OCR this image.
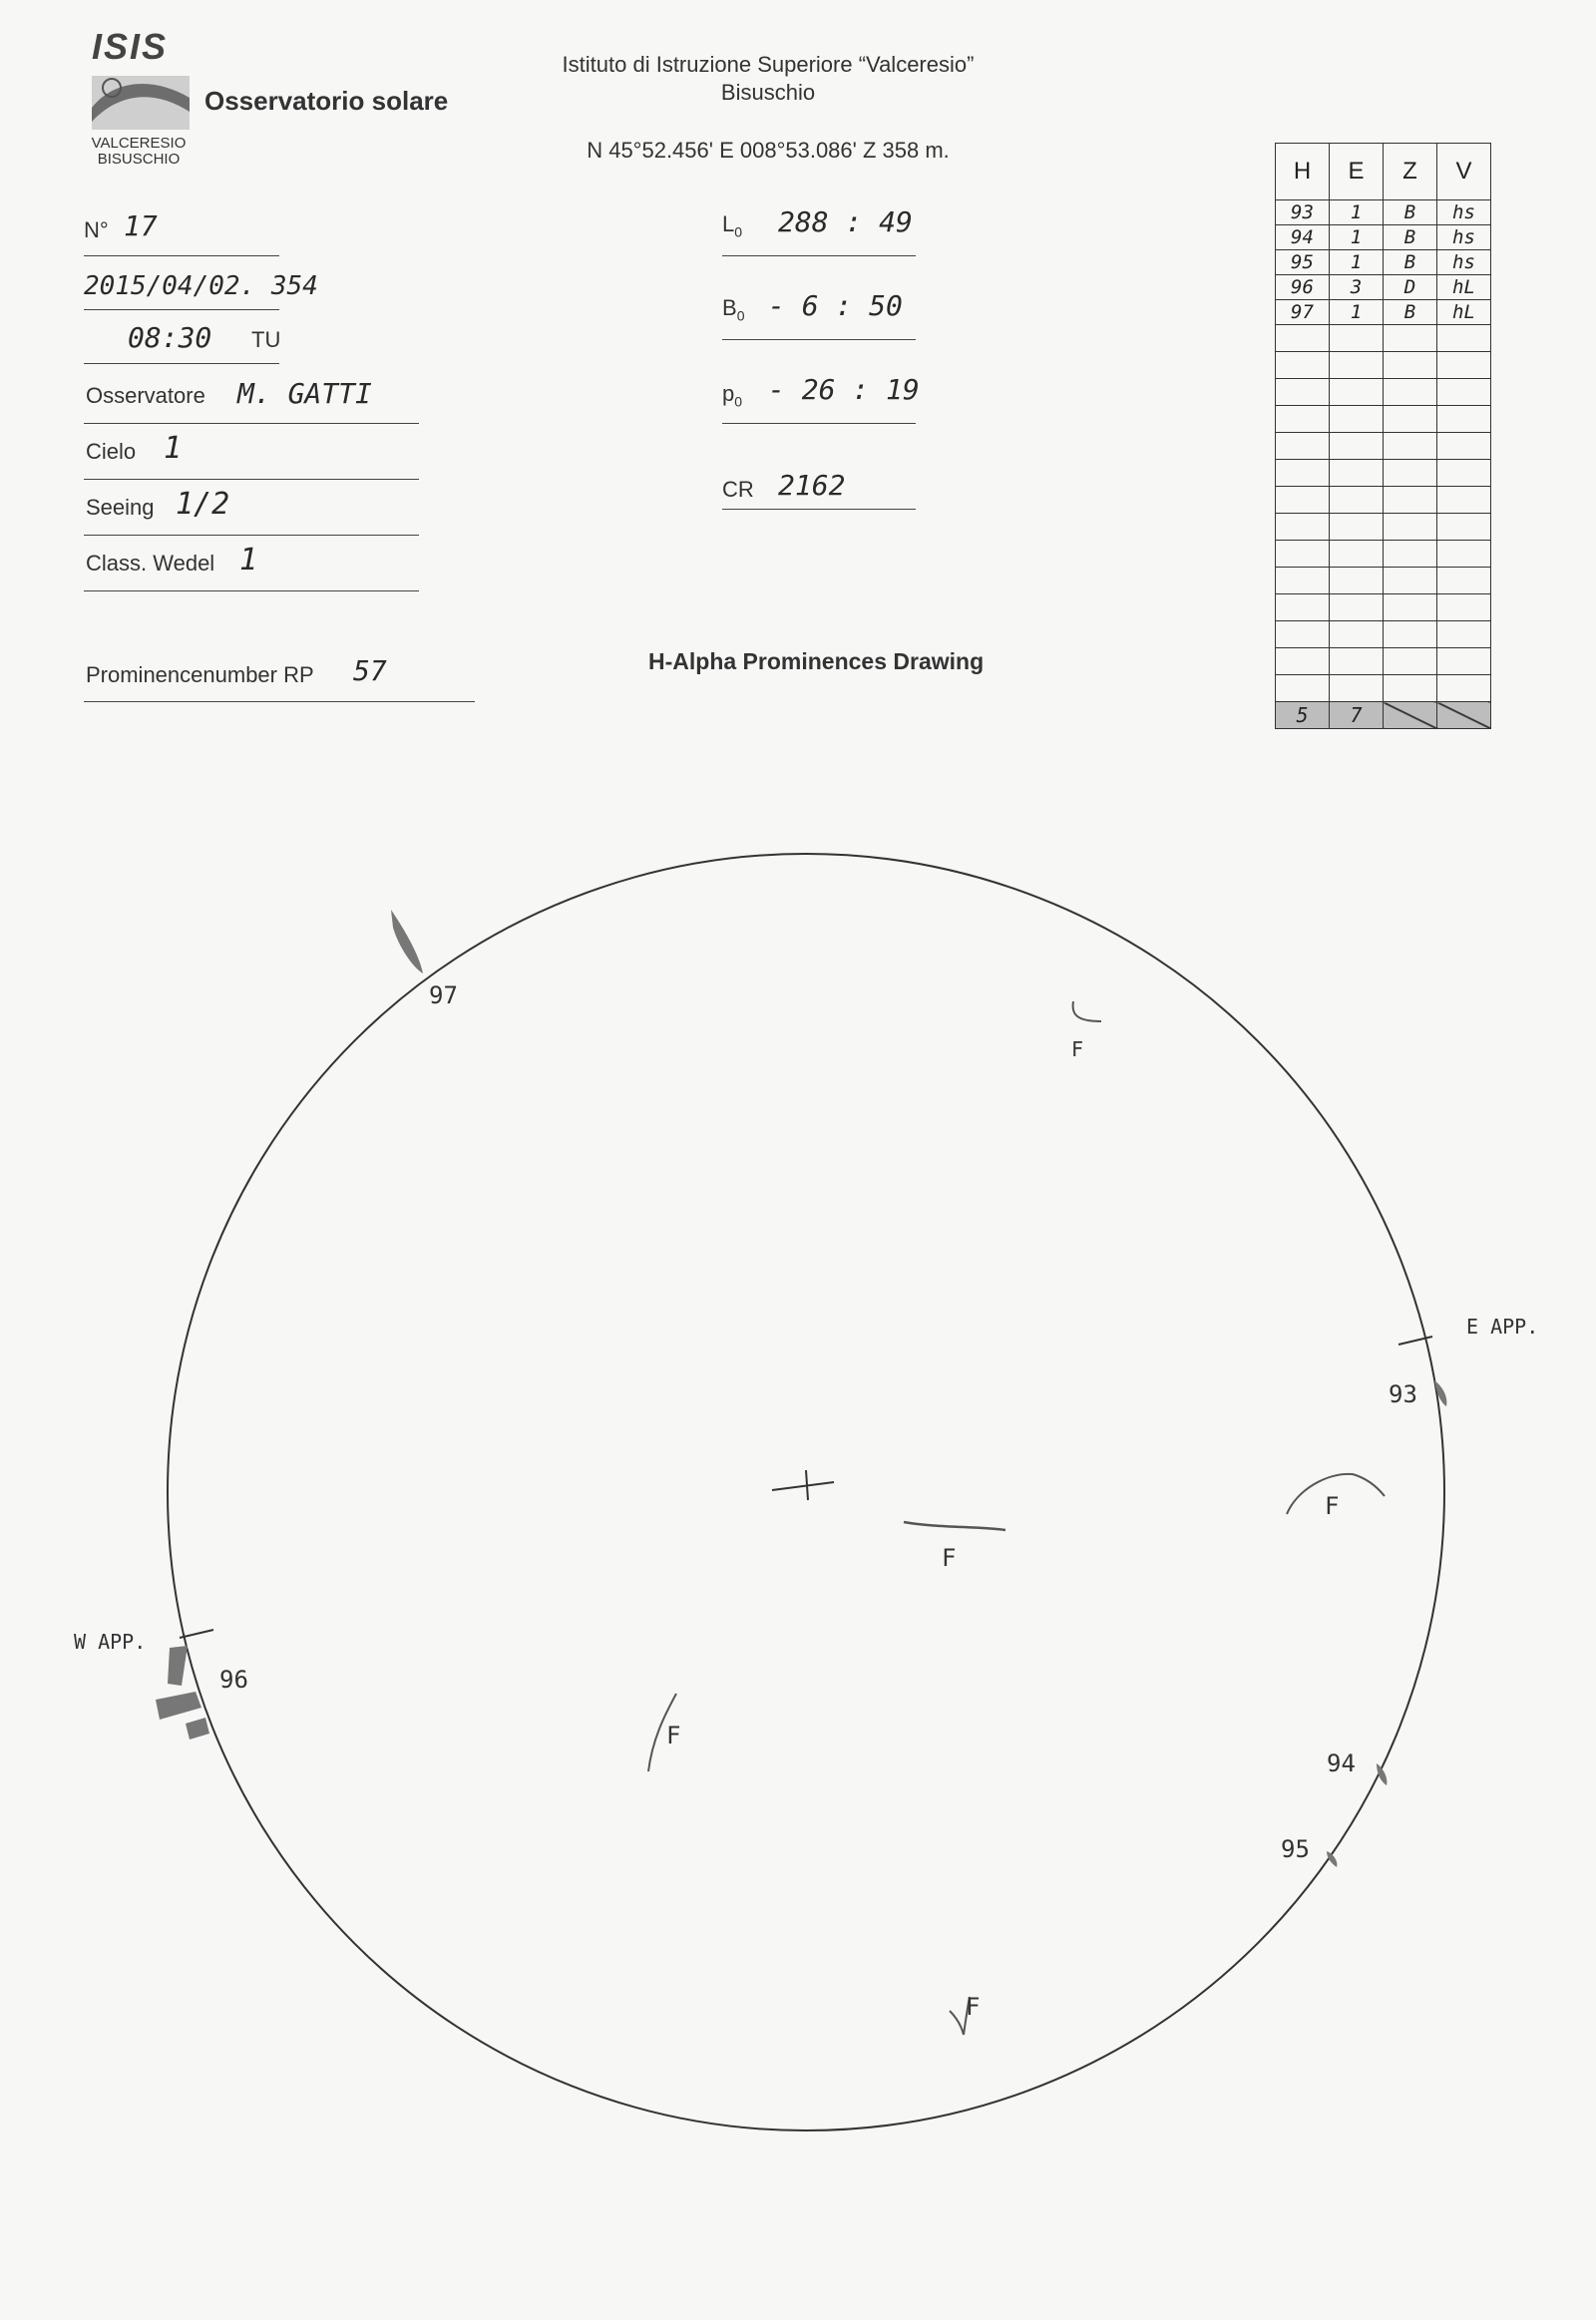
ISIS
VALCERESIO
BISUSCHIO
Osservatorio solare
Istituto di Istruzione Superiore “Valceresio”
Bisuschio
N 45°52.456' E 008°53.086' Z 358 m.
N° 17
2015/04/02. 354
08:30 TU
Osservatore M. GATTI
Cielo 1
Seeing 1/2
Class. Wedel 1
Prominencenumber RP 57
$L_0$ 288 : 49
$B_0 - 6$ : 50
$p_0 - 26$ : 19
CR 2162
H-Alpha Prominences Drawing
H	E	Z	V
93	1	B	hs
94	1	B	hs
95	1	B	hs
96	3	D	hL
97	1	B	hL

5	7		
97
93
94
95
96
E APP.
W APP.
F
F
F
F
F
